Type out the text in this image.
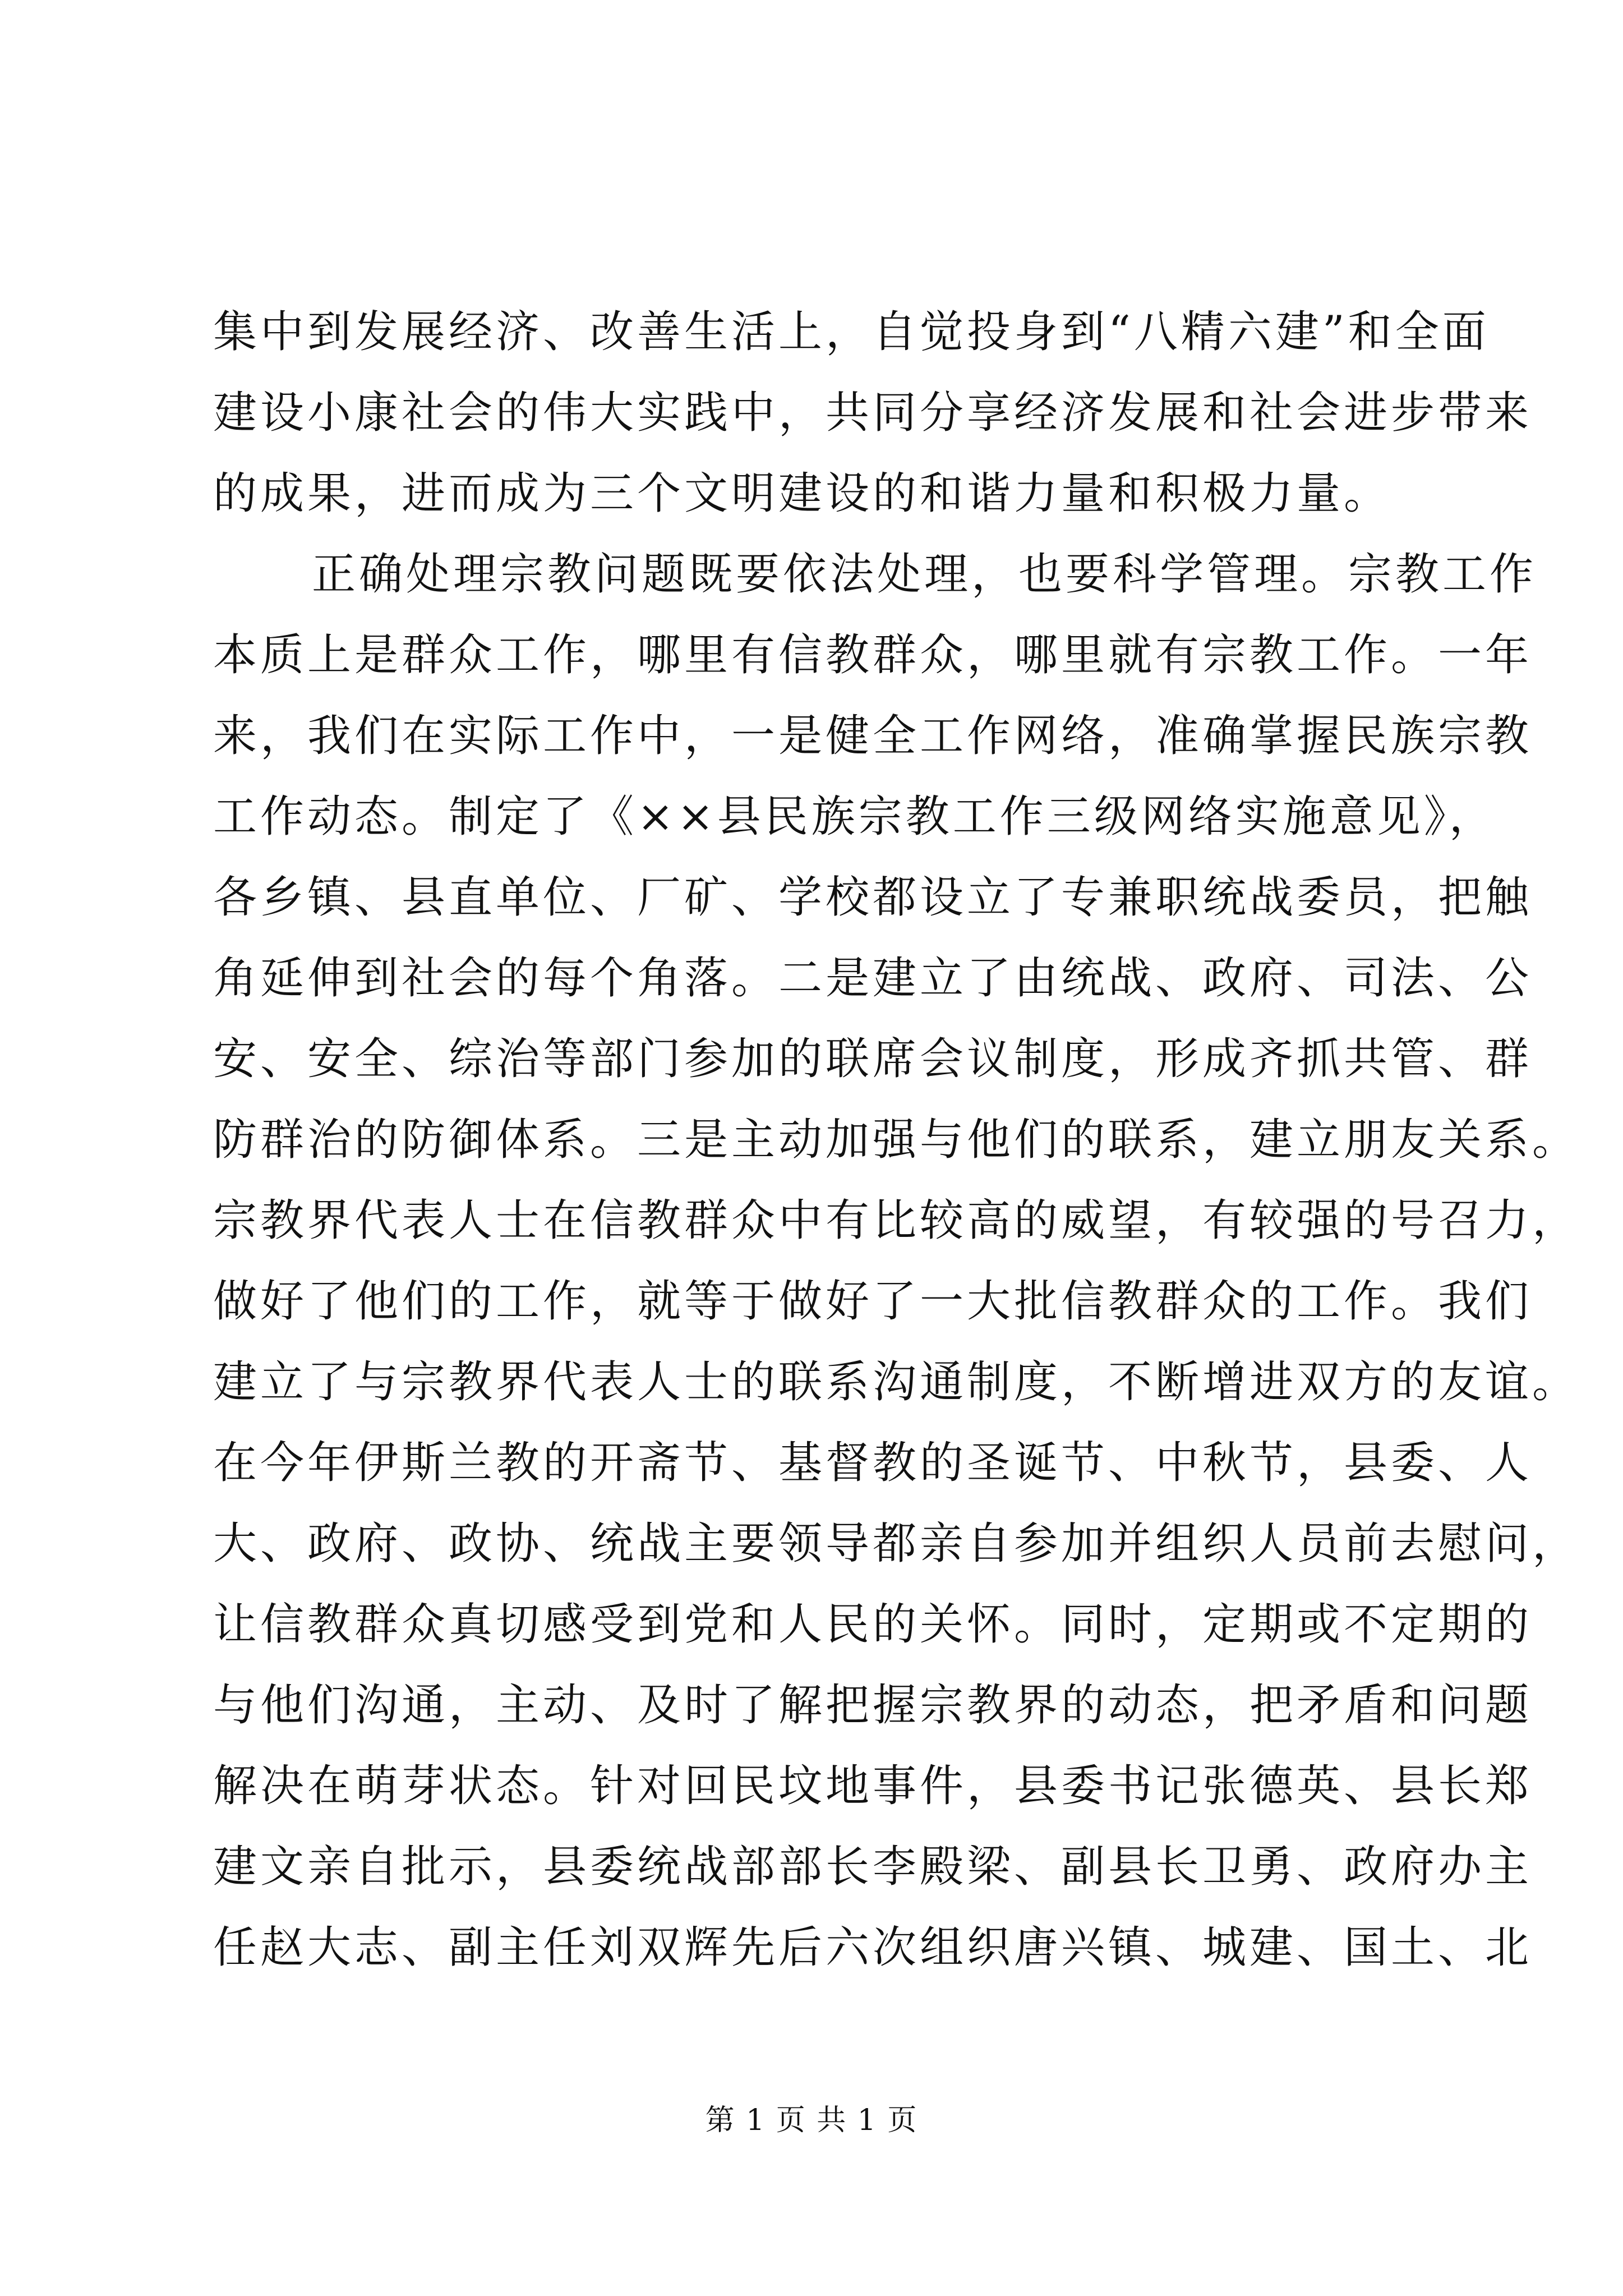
集中到发展经济、改善生活上，自觉投身到“八精六建”和全面
建设小康社会的伟大实践中，共同分享经济发展和社会进步带来
的成果，进而成为三个文明建设的和谐力量和积极力量。
正确处理宗教问题既要依法处理，也要科学管理。宗教工作
本质上是群众工作，哪里有信教群众，哪里就有宗教工作。一年
来，我们在实际工作中，一是健全工作网络，准确掌握民族宗教
工作动态。制定了《××县民族宗教工作三级网络实施意见》，
各乡镇、县直单位、厂矿、学校都设立了专兼职统战委员，把触
角延伸到社会的每个角落。二是建立了由统战、政府、司法、公
安、安全、综治等部门参加的联席会议制度，形成齐抓共管、群
防群治的防御体系。三是主动加强与他们的联系，建立朋友关系。
宗教界代表人士在信教群众中有比较高的威望，有较强的号召力，
做好了他们的工作，就等于做好了一大批信教群众的工作。我们
建立了与宗教界代表人士的联系沟通制度，不断增进双方的友谊。
在今年伊斯兰教的开斋节、基督教的圣诞节、中秋节，县委、人
大、政府、政协、统战主要领导都亲自参加并组织人员前去慰问，
让信教群众真切感受到党和人民的关怀。同时，定期或不定期的
与他们沟通，主动、及时了解把握宗教界的动态，把矛盾和问题
解决在萌芽状态。针对回民坟地事件，县委书记张德英、县长郑
建文亲自批示，县委统战部部长李殿梁、副县长卫勇、政府办主
任赵大志、副主任刘双辉先后六次组织唐兴镇、城建、国土、北
第 1 页 共 1 页
